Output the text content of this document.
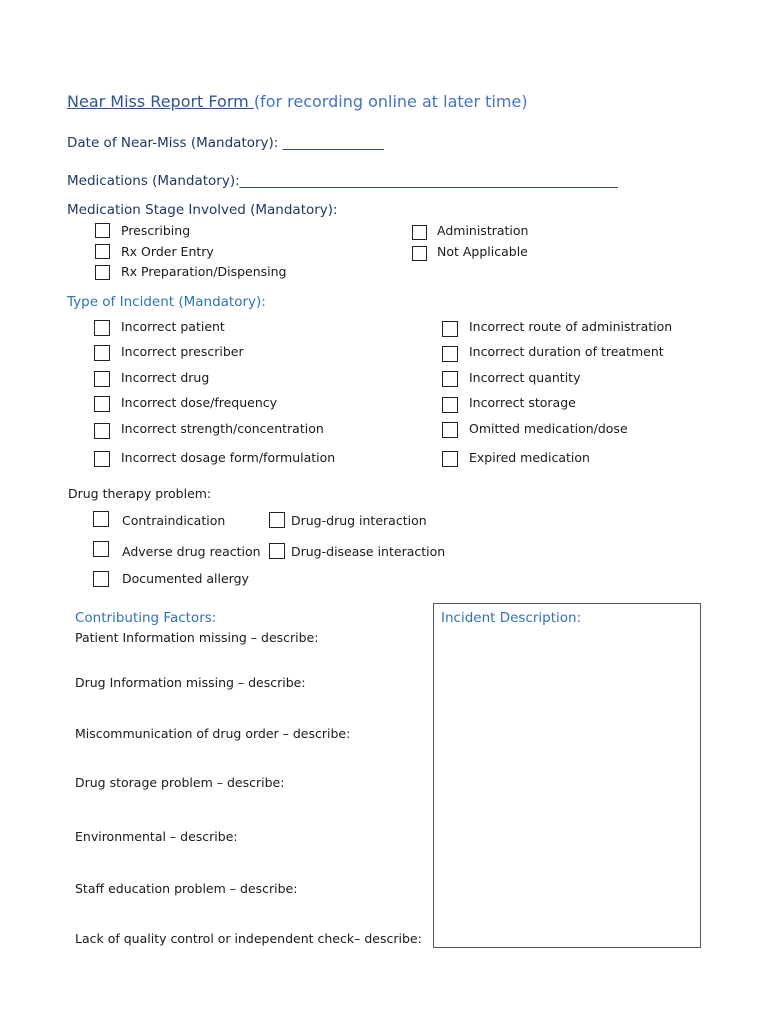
Near Miss Report Form (for recording online at later time)
Date of Near-Miss (Mandatory): _______________
Medications (Mandatory):________________________________________________________
Medication Stage Involved (Mandatory):
Prescribing
Rx Order Entry
Rx Preparation/Dispensing
Administration
Not Applicable
Type of Incident (Mandatory):
Incorrect patient
Incorrect prescriber
Incorrect drug
Incorrect dose/frequency
Incorrect strength/concentration
Incorrect dosage form/formulation
Incorrect route of administration
Incorrect duration of treatment
Incorrect quantity
Incorrect storage
Omitted medication/dose
Expired medication
Drug therapy problem:
Contraindication	Drug-drug interaction
Adverse drug reaction Drug-disease interaction
Documented allergy
Contributing Factors:
Patient Information missing – describe:
Drug Information missing – describe:
Miscommunication of drug order – describe:
Drug storage problem – describe:
Environmental – describe:
Staff education problem – describe:
Lack of quality control or independent check– describe:
Incident Description:
